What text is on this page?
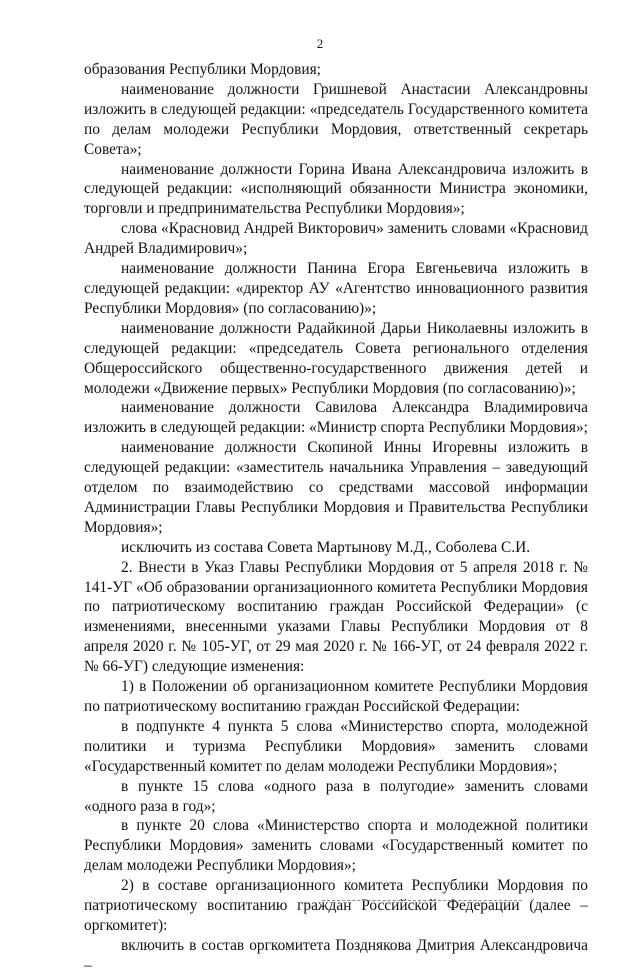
2

образования Республики Мордовия;

наименование должности Гришневой Анастасии Александровны изложить в следующей редакции: «председатель Государственного комитета по делам молодежи Республики Мордовия, ответственный секретарь Совета»;

наименование должности Горина Ивана Александровича изложить в следующей редакции: «исполняющий обязанности Министра экономики, торговли и предпринимательства Республики Мордовия»;

слова «Красновид Андрей Викторович» заменить словами «Красновид Андрей Владимирович»;

наименование должности Панина Егора Евгеньевича изложить в следующей редакции: «директор АУ «Агентство инновационного развития Республики Мордовия» (по согласованию)»;

наименование должности Радайкиной Дарьи Николаевны изложить в следующей редакции: «председатель Совета регионального отделения Общероссийского общественно-государственного движения детей и молодежи «Движение первых» Республики Мордовия (по согласованию)»;

наименование должности Савилова Александра Владимировича изложить в следующей редакции: «Министр спорта Республики Мордовия»;

наименование должности Скопиной Инны Игоревны изложить в следующей редакции: «заместитель начальника Управления – заведующий отделом по взаимодействию со средствами массовой информации Администрации Главы Республики Мордовия и Правительства Республики Мордовия»;

исключить из состава Совета Мартынову М.Д., Соболева С.И.

2. Внести в Указ Главы Республики Мордовия от 5 апреля 2018 г. № 141-УГ «Об образовании организационного комитета Республики Мордовия по патриотическому воспитанию граждан Российской Федерации» (с изменениями, внесенными указами Главы Республики Мордовия от 8 апреля 2020 г. № 105-УГ, от 29 мая 2020 г. № 166-УГ, от 24 февраля 2022 г. № 66-УГ) следующие изменения:

1) в Положении об организационном комитете Республики Мордовия по патриотическому воспитанию граждан Российской Федерации:

в подпункте 4 пункта 5 слова «Министерство спорта, молодежной политики и туризма Республики Мордовия» заменить словами «Государственный комитет по делам молодежи Республики Мордовия»;

в пункте 15 слова «одного раза в полугодие» заменить словами «одного раза в год»;

в пункте 20 слова «Министерство спорта и молодежной политики Республики Мордовия» заменить словами «Государственный комитет по делам молодежи Республики Мордовия»;

2) в составе организационного комитета Республики Мордовия по патриотическому воспитанию граждан Российской Федерации (далее – оргкомитет):

включить в состав оргкомитета Позднякова Дмитрия Александровича –
